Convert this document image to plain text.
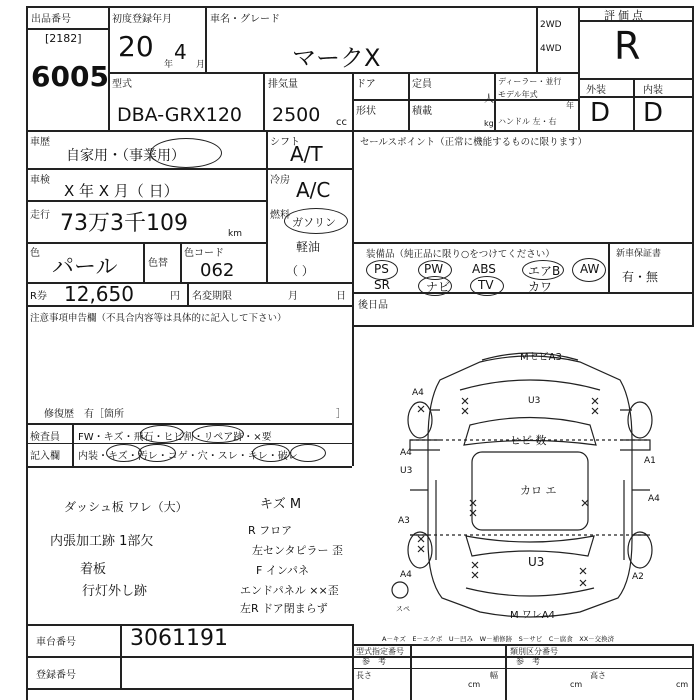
出品番号
[2182]
6005
初度登録年月
20 4
年	月
車名・グレード
マークX
2WD
4WD
評価点
R
型式
DBA-GRX120
排気量
2500 cc
ドア	定員
人
形状	積載
kg
ディーラー・並行
モデル年式
年
ハンドル 左・右
外装	内装
D D
車歴
自家用・（事業用）
シフト
A/T
車検
X 年 X 月（ 日）
冷房 A/C
走行 73万3千109	km
燃料
ガソリン
軽油
（ ）
色
パール	色替
色コード
062
R券 12,650	円 名変期限	月	日
注意事項申告欄（不具合内容等は具体的に記入して下さい）
修復歴　有［箇所	］
セールスポイント（正常に機能するものに限ります）
装備品（純正品に限り○をつけてください）	新車保証書
有・無
PS	PW ABS	エアB AW
SR	ナビ TV	カワ
後日品
検査員
記入欄
FW・キズ・飛石・ヒビ割・リペア跡・×要
内装・キズ・汚レ・コゲ・穴・スレ・キレ・破レ
ダッシュ板 ワレ（大）	キズ M
内張加工跡 1部欠
着板
行灯外し跡
R フロア
左センタピラー 歪
F インパネ
エンドパネル ××歪
左R ドア閉まらず
MセビA3
U3
ヒビ 数
カロ エ
U3
M ワレA4
A4
A4
U3
A3
A4
A1
A4
A2
スペ
A－キズ　E－エクボ　U－凹み　W－補修跡　S－サビ　C－腐食　XX－交換済
車台番号 3061191
登録番号
型式指定番号
参　考
類別区分番号
参　考
長さ
cm
幅
cm
高さ
cm
